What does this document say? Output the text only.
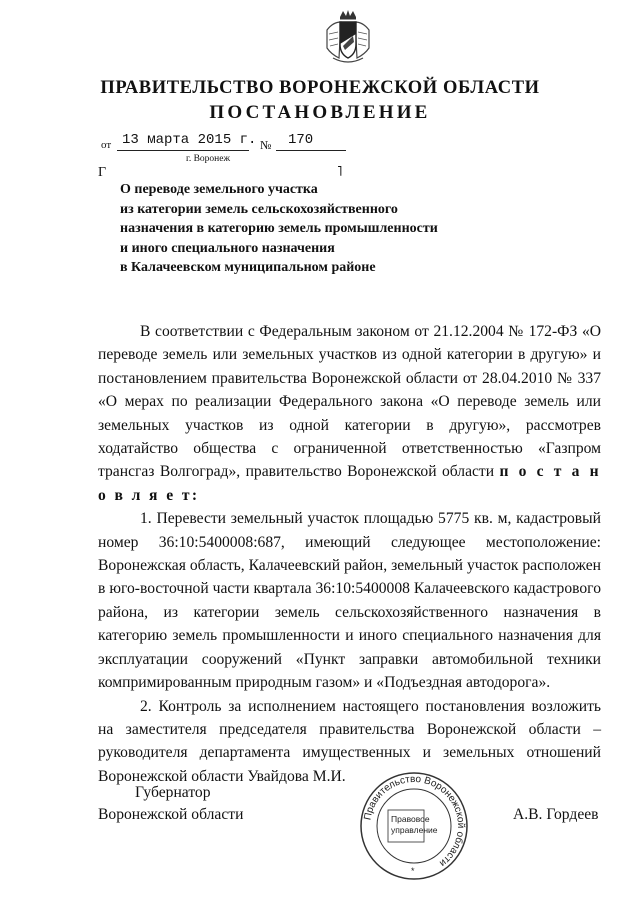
ПРАВИТЕЛЬСТВО ВОРОНЕЖСКОЙ ОБЛАСТИ
ПОСТАНОВЛЕНИЕ
от 13 марта 2015 г. № 170
г. Воронеж
Г	˥
О переводе земельного участка
из категории земель сельскохозяйственного
назначения в категорию земель промышленности
и иного специального назначения
в Калачеевском муниципальном районе

В соответствии с Федеральным законом от 21.12.2004 № 172-ФЗ «О переводе земель или земельных участков из одной категории в другую» и постановлением правительства Воронежской области от 28.04.2010 № 337 «О мерах по реализации Федерального закона «О переводе земель или земельных участков из одной категории в другую», рассмотрев ходатайство общества с ограниченной ответственностью «Газпром трансгаз Волгоград», правительство Воронежской области п о с т а н о в л я е т:

1. Перевести земельный участок площадью 5775 кв. м, кадастровый номер 36:10:5400008:687, имеющий следующее местоположение: Воронежская область, Калачеевский район, земельный участок расположен в юго-восточной части квартала 36:10:5400008 Калачеевского кадастрового района, из категории земель сельскохозяйственного назначения в категорию земель промышленности и иного специального назначения для эксплуатации сооружений «Пункт заправки автомобильной техники компримированным природным газом» и «Подъездная автодорога».

2. Контроль за исполнением настоящего постановления возложить на заместителя председателя правительства Воронежской области – руководителя департамента имущественных и земельных отношений Воронежской области Увайдова М.И.

Губернатор
Воронежской области	А.В. Гордеев
Правительство Воронежской области
Правовое
управление
*
